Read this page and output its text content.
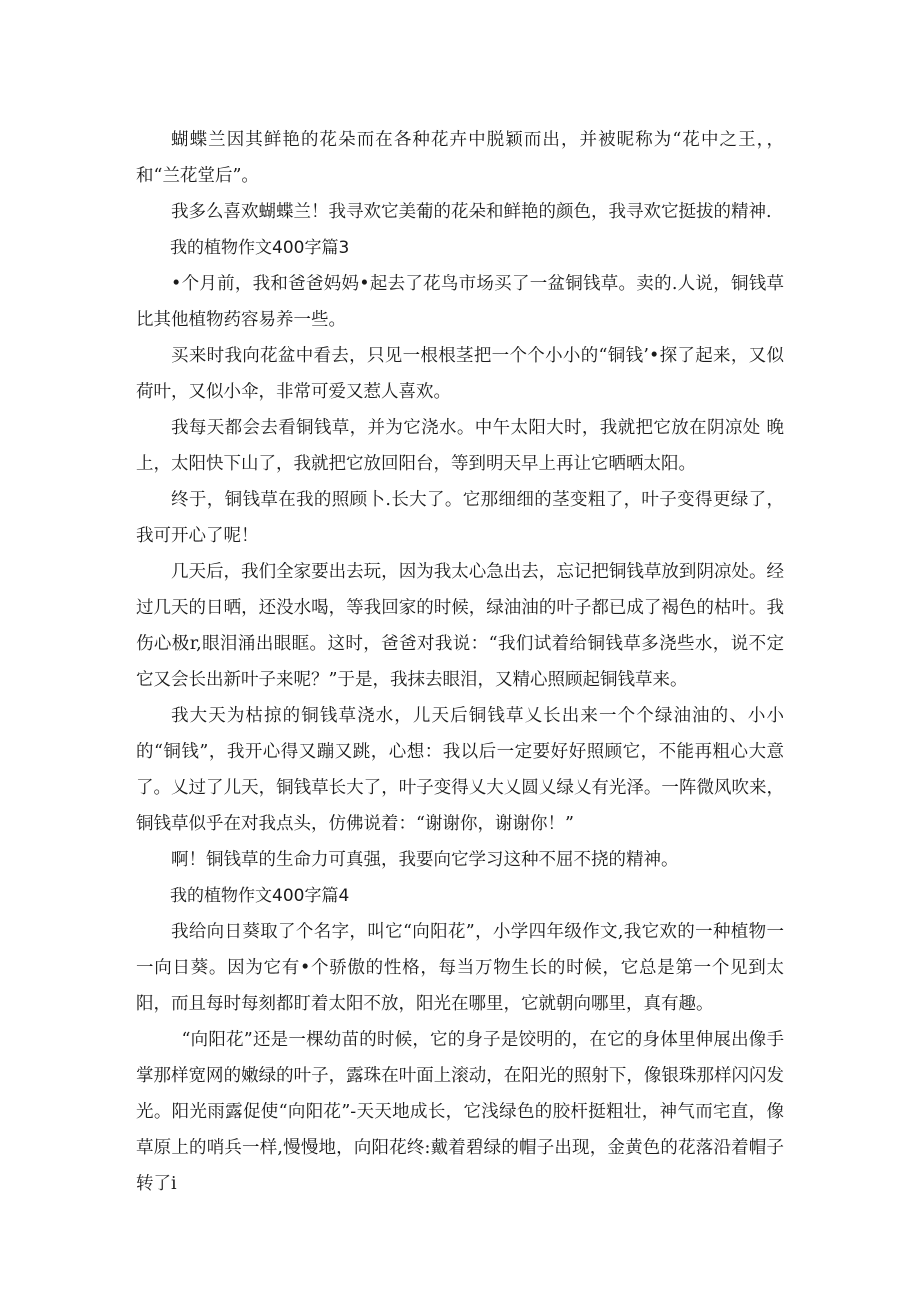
蝴蝶兰因其鲜艳的花朵而在各种花卉中脱颖而出，并被昵称为“花中之王，，和“兰花堂后”。

我多么喜欢蝴蝶兰！我寻欢它美葡的花朵和鲜艳的颜色，我寻欢它挺拔的精神.

我的植物作文400字篇3

•个月前，我和爸爸妈妈•起去了花鸟市场买了一盆铜钱草。卖的.人说，铜钱草比其他植物药容易养一些。

买来时我向花盆中看去，只见一根根茎把一个个小小的“铜钱’•探了起来，又似荷叶，又似小伞，非常可爱又惹人喜欢。

我每天都会去看铜钱草，并为它浇水。中午太阳大时，我就把它放在阴凉处 晚上，太阳快下山了，我就把它放回阳台，等到明天早上再让它晒晒太阳。

终于，铜钱草在我的照顾卜.长大了。它那细细的茎变粗了，叶子变得更绿了，我可开心了呢！

几天后，我们全家要出去玩，因为我太心急出去，忘记把铜钱草放到阴凉处。经过几天的日晒，还没水喝，等我回家的时候，绿油油的叶子都已成了褐色的枯叶。我伤心极r,眼泪涌出眼眶。这时，爸爸对我说：“我们试着给铜钱草多浇些水，说不定它又会长出新叶子来呢？”于是，我抹去眼泪，又精心照顾起铜钱草来。

我大天为枯掠的铜钱草浇水，儿天后铜钱草乂长出来一个个绿油油的、小小的“铜钱”，我开心得又蹦又跳，心想：我以后一定要好好照顾它，不能再粗心大意了。乂过了儿天，铜钱草长大了，叶子变得乂大乂圆乂绿乂有光泽。一阵微风吹来，铜钱草似乎在对我点头，仿佛说着：“谢谢你，谢谢你！”

啊！铜钱草的生命力可真强，我要向它学习这种不屈不挠的精神。

我的植物作文400字篇4

我给向日葵取了个名字，叫它“向阳花”，小学四年级作文,我它欢的一种植物一一向日葵。因为它有•个骄傲的性格，每当万物生长的时候，它总是第一个见到太阳，而且每时每刻都盯着太阳不放，阳光在哪里，它就朝向哪里，真有趣。

“向阳花”还是一棵幼苗的时候，它的身子是饺明的，在它的身体里伸展出像手掌那样宽网的嫩绿的叶子，露珠在叶面上滚动，在阳光的照射下，像银珠那样闪闪发光。阳光雨露促使“向阳花”-天天地成长，它浅绿色的胶杆挺粗壮，神气而宅直，像草原上的哨兵一样,慢慢地，向阳花终:戴着碧绿的帽子出现，金黄色的花落沿着帽子转了i
